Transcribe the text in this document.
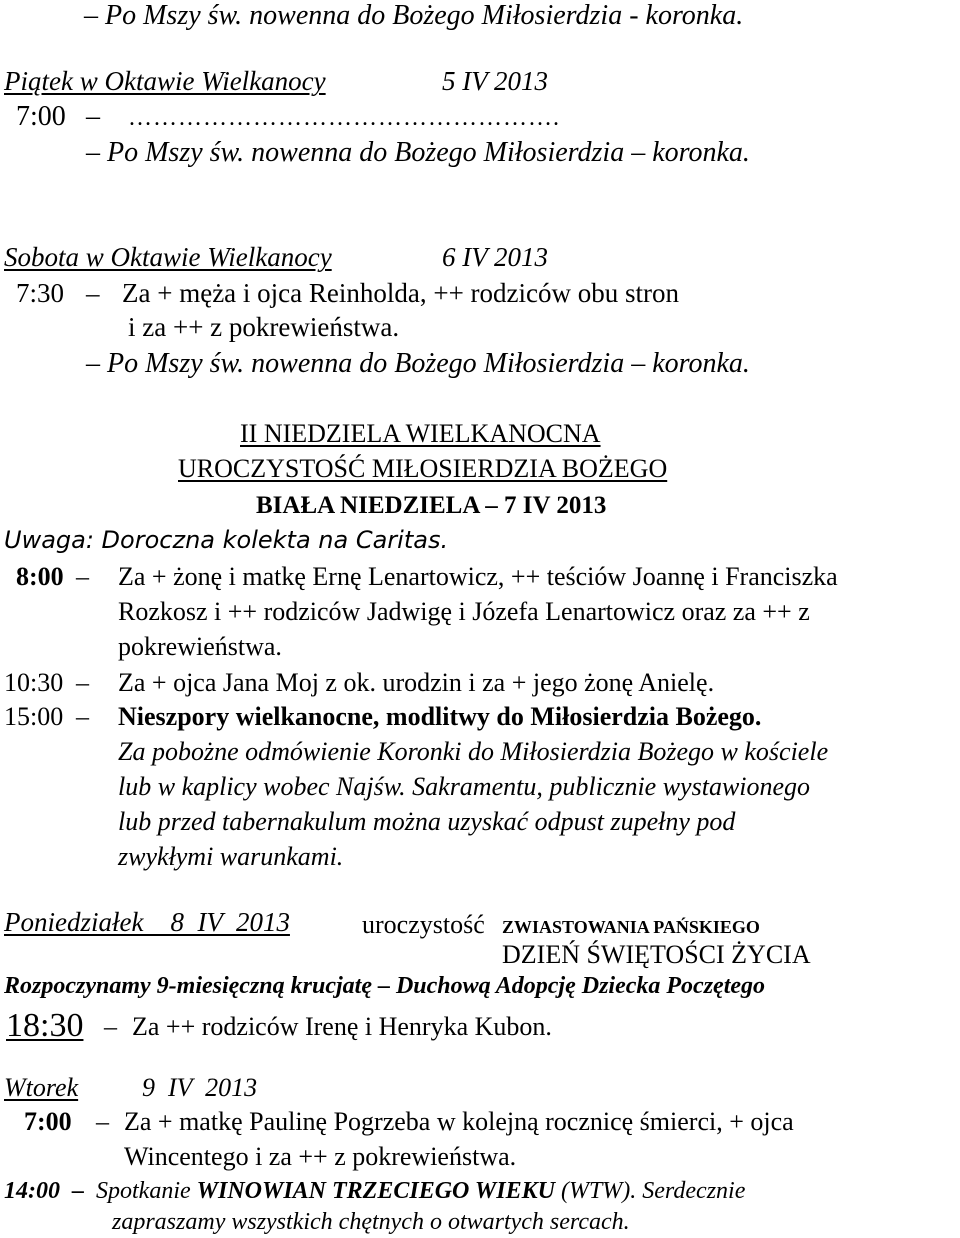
– Po Mszy św. nowenna do Bożego Miłosierdzia - koronka.
Piątek w Oktawie Wielkanocy	5 IV 2013
7:00 – …………………………………………….
– Po Mszy św. nowenna do Bożego Miłosierdzia – koronka.
Sobota w Oktawie Wielkanocy	6 IV 2013
7:30 – Za + męża i ojca Reinholda, ++ rodziców obu stron
i za ++ z pokrewieństwa.
– Po Mszy św. nowenna do Bożego Miłosierdzia – koronka.
II NIEDZIELA WIELKANOCNA
UROCZYSTOŚĆ MIŁOSIERDZIA BOŻEGO
BIAŁA NIEDZIELA – 7 IV 2013
Uwaga: Doroczna kolekta na Caritas.
8:00 – Za + żonę i matkę Ernę Lenartowicz, ++ teściów Joannę i Franciszka
Rozkosz i ++ rodziców Jadwigę i Józefa Lenartowicz oraz za ++ z
pokrewieństwa.
10:30 – Za + ojca Jana Moj z ok. urodzin i za + jego żonę Anielę.
15:00 – Nieszpory wielkanocne, modlitwy do Miłosierdzia Bożego.
Za pobożne odmówienie Koronki do Miłosierdzia Bożego w kościele
lub w kaplicy wobec Najśw. Sakramentu, publicznie wystawionego
lub przed tabernakulum można uzyskać odpust zupełny pod
zwykłymi warunkami.
Poniedziałek    8  IV  2013	uroczystość ZWIASTOWANIA PAŃSKIEGO
DZIEŃ ŚWIĘTOŚCI ŻYCIA
Rozpoczynamy 9-miesięczną krucjatę – Duchową Adopcję Dziecka Poczętego
18:30 – Za ++ rodziców Irenę i Henryka Kubon.
Wtorek 9  IV  2013
7:00 – Za + matkę Paulinę Pogrzeba w kolejną rocznicę śmierci, + ojca
Wincentego i za ++ z pokrewieństwa.
14:00 – Spotkanie WINOWIAN TRZECIEGO WIEKU (WTW). Serdecznie
zapraszamy wszystkich chętnych o otwartych sercach.
